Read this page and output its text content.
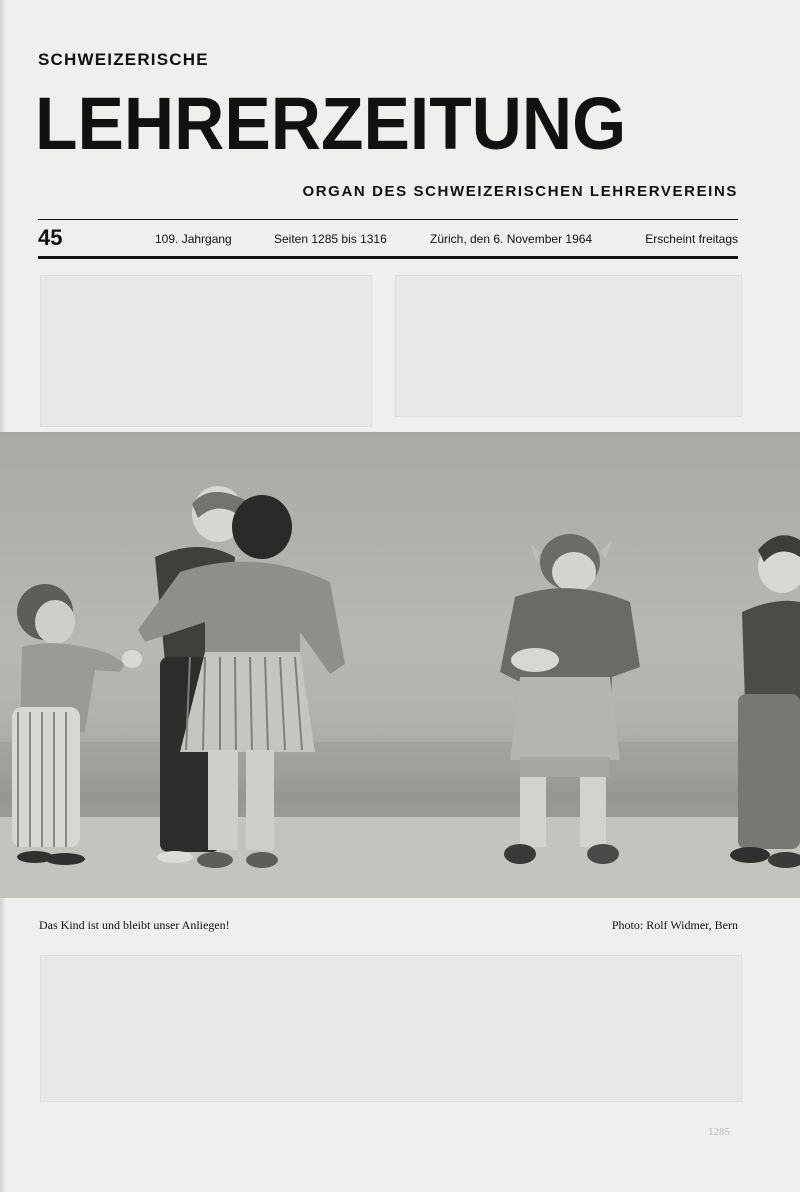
SCHWEIZERISCHE
LEHRERZEITUNG
ORGAN DES SCHWEIZERISCHEN LEHRERVEREINS
45	109. Jahrgang	Seiten 1285 bis 1316	Zürich, den 6. November 1964	Erscheint freitags
Das Kind ist und bleibt unser Anliegen!	Photo: Rolf Widmer, Bern
1285
